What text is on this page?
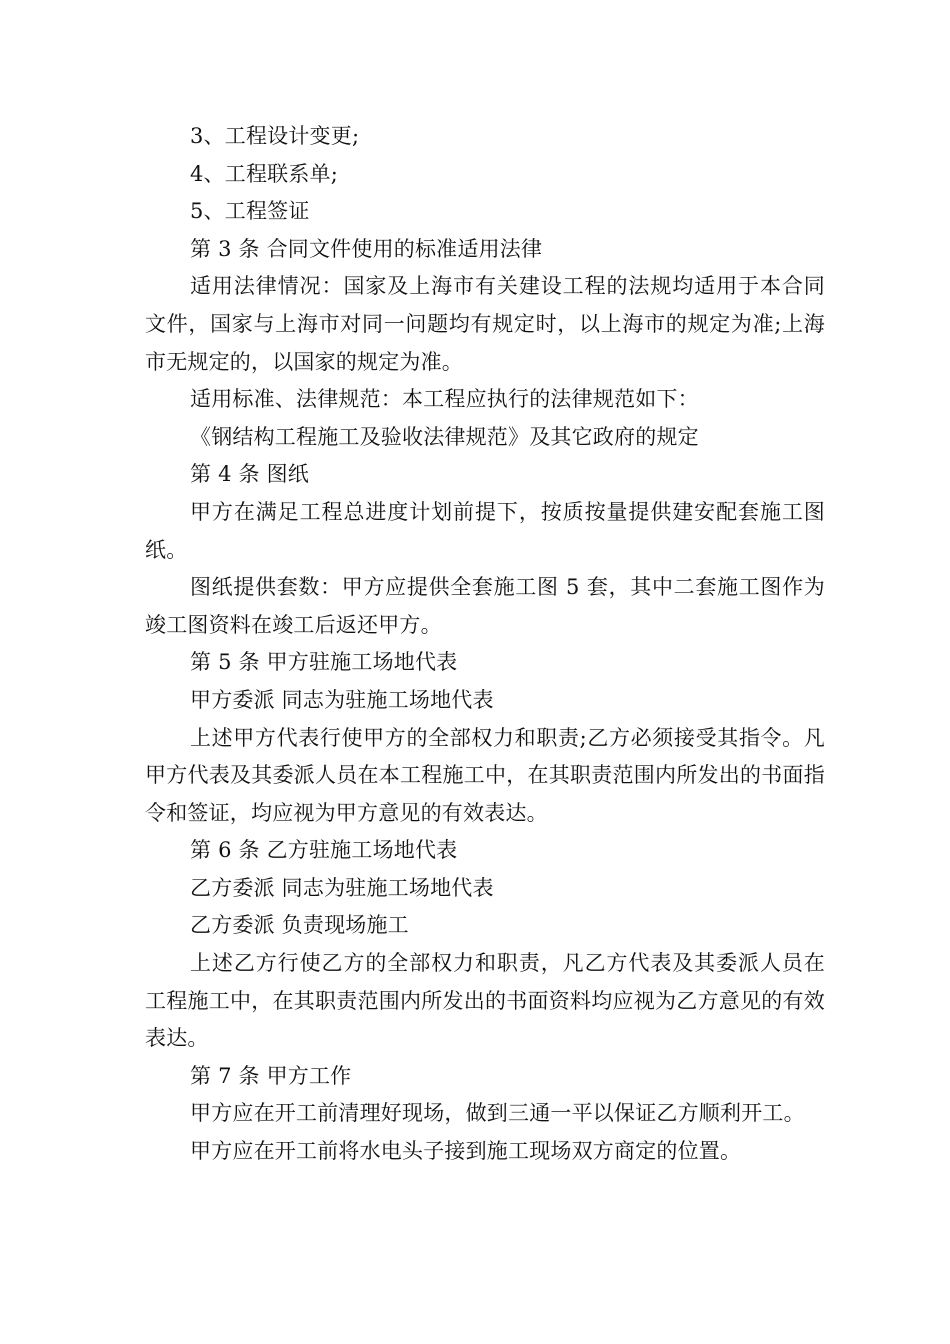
3、工程设计变更;

4、工程联系单;

5、工程签证

第 3 条 合同文件使用的标准适用法律

适用法律情况：国家及上海市有关建设工程的法规均适用于本合同文件，国家与上海市对同一问题均有规定时，以上海市的规定为准;上海市无规定的，以国家的规定为准。

适用标准、法律规范：本工程应执行的法律规范如下：

《钢结构工程施工及验收法律规范》及其它政府的规定

第 4 条 图纸

甲方在满足工程总进度计划前提下，按质按量提供建安配套施工图纸。

图纸提供套数：甲方应提供全套施工图 5 套，其中二套施工图作为竣工图资料在竣工后返还甲方。

第 5 条 甲方驻施工场地代表

甲方委派 同志为驻施工场地代表

上述甲方代表行使甲方的全部权力和职责;乙方必须接受其指令。凡甲方代表及其委派人员在本工程施工中，在其职责范围内所发出的书面指令和签证，均应视为甲方意见的有效表达。

第 6 条 乙方驻施工场地代表

乙方委派 同志为驻施工场地代表

乙方委派 负责现场施工

上述乙方行使乙方的全部权力和职责，凡乙方代表及其委派人员在工程施工中，在其职责范围内所发出的书面资料均应视为乙方意见的有效表达。

第 7 条 甲方工作

甲方应在开工前清理好现场，做到三通一平以保证乙方顺利开工。

甲方应在开工前将水电头子接到施工现场双方商定的位置。
